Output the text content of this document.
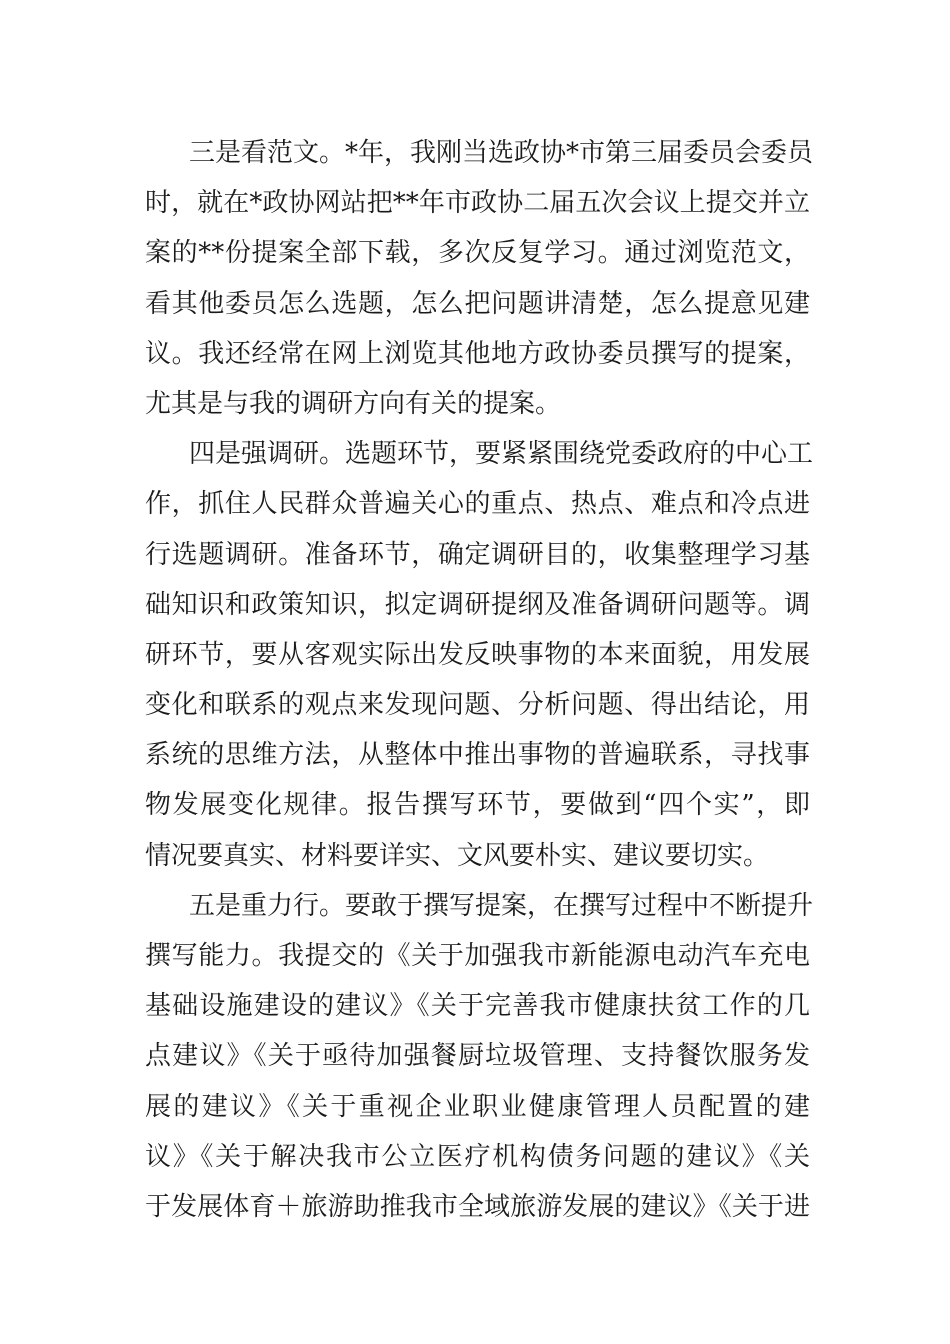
三是看范文。*年，我刚当选政协*市第三届委员会委员
时，就在*政协网站把**年市政协二届五次会议上提交并立
案的**份提案全部下载，多次反复学习。通过浏览范文，
看其他委员怎么选题，怎么把问题讲清楚，怎么提意见建
议。我还经常在网上浏览其他地方政协委员撰写的提案，
尤其是与我的调研方向有关的提案。
四是强调研。选题环节，要紧紧围绕党委政府的中心工
作，抓住人民群众普遍关心的重点、热点、难点和冷点进
行选题调研。准备环节，确定调研目的，收集整理学习基
础知识和政策知识，拟定调研提纲及准备调研问题等。调
研环节，要从客观实际出发反映事物的本来面貌，用发展
变化和联系的观点来发现问题、分析问题、得出结论，用
系统的思维方法，从整体中推出事物的普遍联系，寻找事
物发展变化规律。报告撰写环节，要做到“四个实”，即
情况要真实、材料要详实、文风要朴实、建议要切实。
五是重力行。要敢于撰写提案，在撰写过程中不断提升
撰写能力。我提交的《关于加强我市新能源电动汽车充电
基础设施建设的建议》《关于完善我市健康扶贫工作的几
点建议》《关于亟待加强餐厨垃圾管理、支持餐饮服务发
展的建议》《关于重视企业职业健康管理人员配置的建
议》《关于解决我市公立医疗机构债务问题的建议》《关
于发展体育＋旅游助推我市全域旅游发展的建议》《关于进
